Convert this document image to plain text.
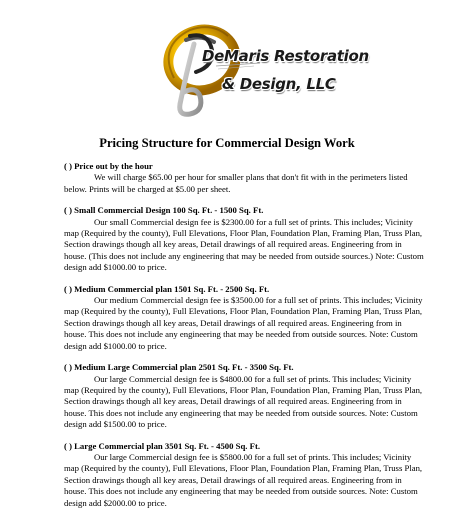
DeMaris Restoration
& Design, LLC
Pricing Structure for Commercial Design Work
( ) Price out by the hour
We will charge $65.00 per hour for smaller plans that don't fit with in the perimeters listed below. Prints will be charged at $5.00 per sheet.
( ) Small Commercial Design 100 Sq. Ft. - 1500 Sq. Ft.
Our small Commercial design fee is $2300.00 for a full set of prints. This includes; Vicinity map (Required by the county), Full Elevations, Floor Plan, Foundation Plan, Framing Plan, Truss Plan, Section drawings though all key areas, Detail drawings of all required areas. Engineering from in house. (This does not include any engineering that may be needed from outside sources.) Note: Custom design add $1000.00 to price.
( ) Medium Commercial plan 1501 Sq. Ft. - 2500 Sq. Ft.
Our medium Commercial design fee is $3500.00 for a full set of prints. This includes; Vicinity map (Required by the county), Full Elevations, Floor Plan, Foundation Plan, Framing Plan, Truss Plan, Section drawings though all key areas, Detail drawings of all required areas. Engineering from in house. This does not include any engineering that may be needed from outside sources. Note: Custom design add $1000.00 to price.
( ) Medium Large Commercial plan 2501 Sq. Ft. - 3500 Sq. Ft.
Our large Commercial design fee is $4800.00 for a full set of prints. This includes; Vicinity map (Required by the county), Full Elevations, Floor Plan, Foundation Plan, Framing Plan, Truss Plan, Section drawings though all key areas, Detail drawings of all required areas. Engineering from in house. This does not include any engineering that may be needed from outside sources. Note: Custom design add $1500.00 to price.
( ) Large Commercial plan 3501 Sq. Ft. - 4500 Sq. Ft.
Our large Commercial design fee is $5800.00 for a full set of prints. This includes; Vicinity map (Required by the county), Full Elevations, Floor Plan, Foundation Plan, Framing Plan, Truss Plan, Section drawings though all key areas, Detail drawings of all required areas. Engineering from in house. This does not include any engineering that may be needed from outside sources. Note: Custom design add $2000.00 to price.
